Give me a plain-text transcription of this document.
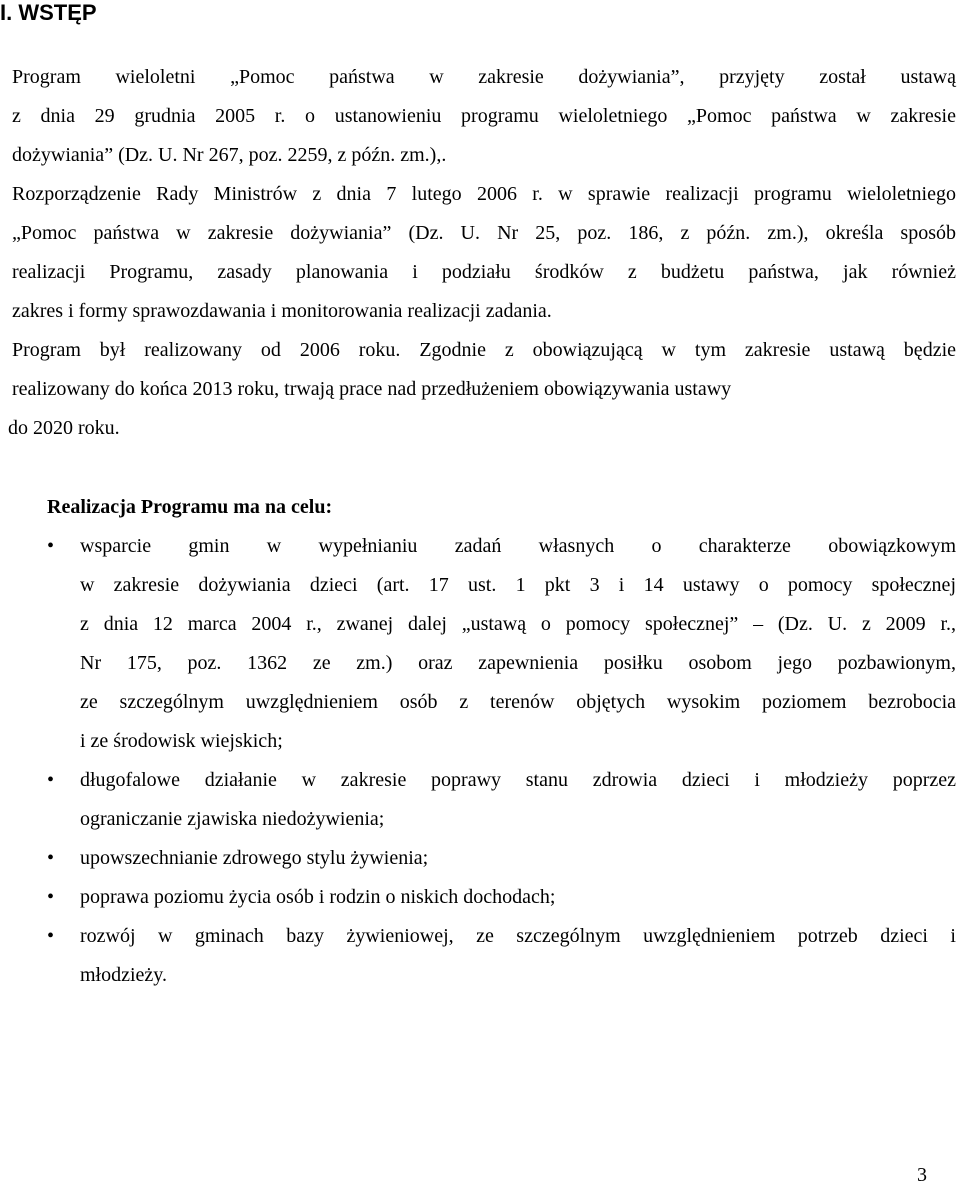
I. WSTĘP
Program wieloletni „Pomoc państwa w zakresie dożywiania”, przyjęty został ustawą
z dnia 29 grudnia 2005 r. o ustanowieniu programu wieloletniego „Pomoc państwa w zakresie
dożywiania” (Dz. U. Nr 267, poz. 2259, z późn. zm.),.
Rozporządzenie Rady Ministrów z dnia 7 lutego 2006 r. w sprawie realizacji programu wieloletniego
„Pomoc państwa w zakresie dożywiania” (Dz. U. Nr 25, poz. 186, z późn. zm.), określa sposób
realizacji Programu, zasady planowania i podziału środków z budżetu państwa, jak również
zakres i formy sprawozdawania i monitorowania realizacji zadania.
Program był realizowany od 2006 roku. Zgodnie z obowiązującą w tym zakresie ustawą będzie
realizowany do końca 2013 roku, trwają prace nad przedłużeniem obowiązywania ustawy
do 2020 roku.
Realizacja Programu ma na celu:
• wsparcie gmin w wypełnianiu zadań własnych o charakterze obowiązkowym
w zakresie dożywiania dzieci (art. 17 ust. 1 pkt 3 i 14 ustawy o pomocy społecznej
z dnia 12 marca 2004 r., zwanej dalej „ustawą o pomocy społecznej” – (Dz. U. z 2009 r.,
Nr 175, poz. 1362 ze zm.) oraz zapewnienia posiłku osobom jego pozbawionym,
ze szczególnym uwzględnieniem osób z terenów objętych wysokim poziomem bezrobocia
i ze środowisk wiejskich;
• długofalowe działanie w zakresie poprawy stanu zdrowia dzieci i młodzieży poprzez
ograniczanie zjawiska niedożywienia;
• upowszechnianie zdrowego stylu żywienia;
• poprawa poziomu życia osób i rodzin o niskich dochodach;
• rozwój w gminach bazy żywieniowej, ze szczególnym uwzględnieniem potrzeb dzieci i
młodzieży.
3
